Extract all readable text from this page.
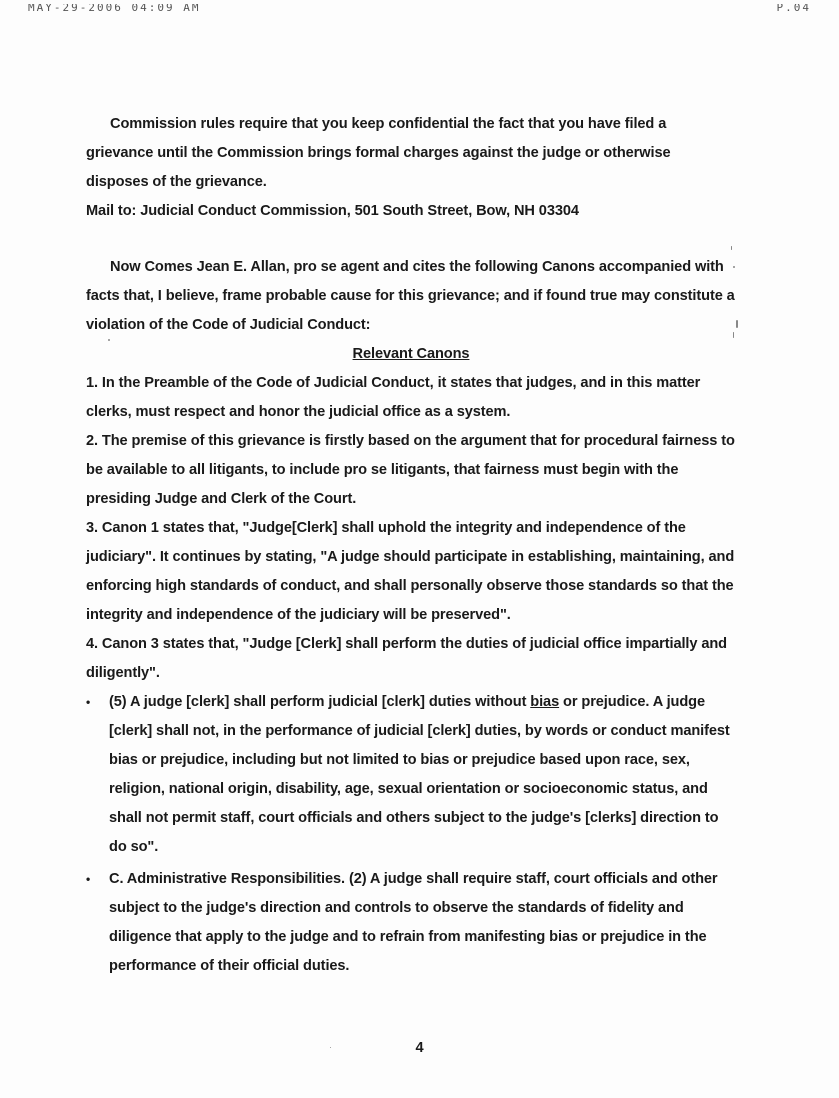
MAY-29-2006 04:09 AM	P.04

Commission rules require that you keep confidential the fact that you have filed a grievance until the Commission brings formal charges against the judge or otherwise disposes of the grievance.

Mail to: Judicial Conduct Commission, 501 South Street, Bow, NH 03304

Now Comes Jean E. Allan, pro se agent and cites the following Canons accompanied with facts that, I believe, frame probable cause for this grievance; and if found true may constitute a violation of the Code of Judicial Conduct:

Relevant Canons

1. In the Preamble of the Code of Judicial Conduct, it states that judges, and in this matter clerks, must respect and honor the judicial office as a system.

2. The premise of this grievance is firstly based on the argument that for procedural fairness to be available to all litigants, to include pro se litigants, that fairness must begin with the presiding Judge and Clerk of the Court.

3. Canon 1 states that, "Judge[Clerk] shall uphold the integrity and independence of the judiciary". It continues by stating, "A judge should participate in establishing, maintaining, and enforcing high standards of conduct, and shall personally observe those standards so that the integrity and independence of the judiciary will be preserved".

4. Canon 3 states that, "Judge [Clerk] shall perform the duties of judicial office impartially and diligently".

• (5) A judge [clerk] shall perform judicial [clerk] duties without bias or prejudice. A judge [clerk] shall not, in the performance of judicial [clerk] duties, by words or conduct manifest bias or prejudice, including but not limited to bias or prejudice based upon race, sex, religion, national origin, disability, age, sexual orientation or socioeconomic status, and shall not permit staff, court officials and others subject to the judge's [clerks] direction to do so".
• C. Administrative Responsibilities. (2) A judge shall require staff, court officials and other subject to the judge's direction and controls to observe the standards of fidelity and diligence that apply to the judge and to refrain from manifesting bias or prejudice in the performance of their official duties.
4
